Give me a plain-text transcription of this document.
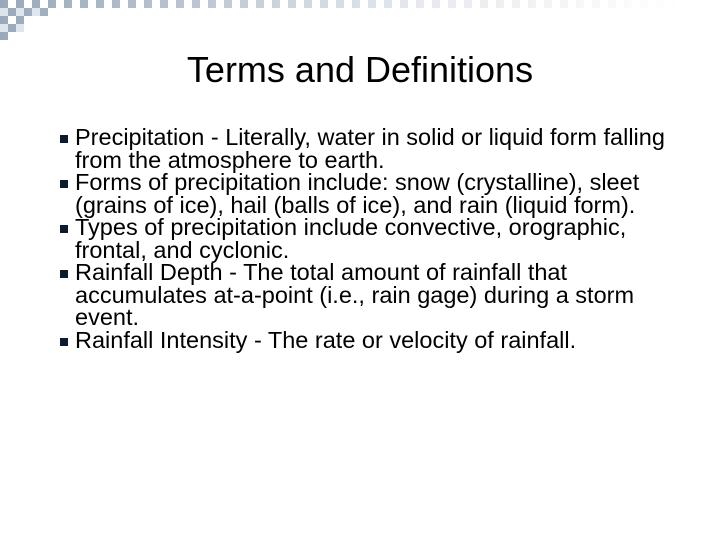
Terms and Definitions
Precipitation - Literally, water in solid or liquid form falling from the atmosphere to earth.
Forms of precipitation include: snow (crystalline), sleet (grains of ice), hail (balls of ice), and rain (liquid form).
Types of precipitation include convective, orographic, frontal, and cyclonic.
Rainfall Depth - The total amount of rainfall that accumulates at-a-point (i.e., rain gage) during a storm event.
Rainfall Intensity - The rate or velocity of rainfall.
